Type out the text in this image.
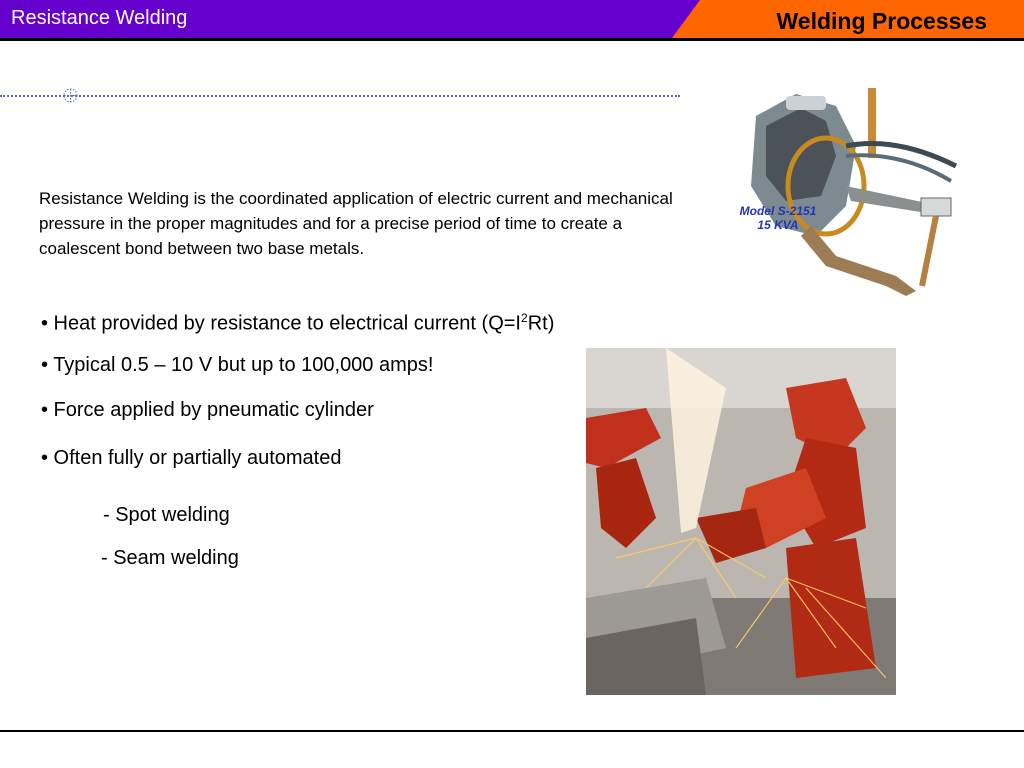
Resistance Welding	Welding Processes
Resistance Welding is the coordinated application of electric current and mechanical pressure in the proper magnitudes and for a precise period of time to create a coalescent bond between two base metals.
• Heat provided by resistance to electrical current $(Q=I^2Rt)$
• Typical 0.5 – 10 V but up to 100,000 amps!
• Force applied by pneumatic cylinder
• Often fully or partially automated
- Spot welding
- Seam welding
Model S-2151
15 KVA
